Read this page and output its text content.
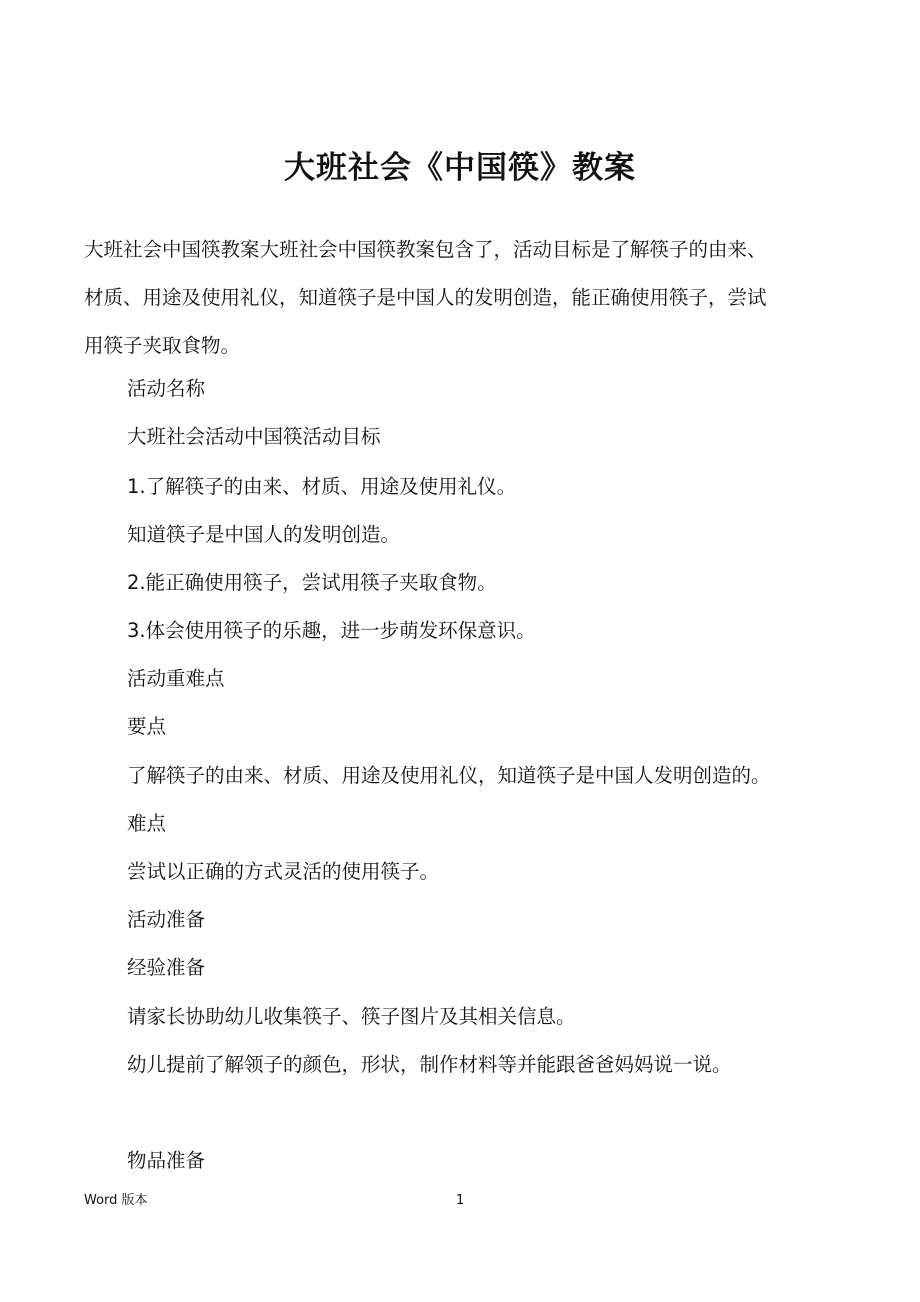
大班社会《中国筷》教案

大班社会中国筷教案大班社会中国筷教案包含了，活动目标是了解筷子的由来、
材质、用途及使用礼仪，知道筷子是中国人的发明创造，能正确使用筷子，尝试
用筷子夹取食物。

活动名称

大班社会活动中国筷活动目标

1.了解筷子的由来、材质、用途及使用礼仪。

知道筷子是中国人的发明创造。

2.能正确使用筷子，尝试用筷子夹取食物。

3.体会使用筷子的乐趣，进一步萌发环保意识。

活动重难点

要点

了解筷子的由来、材质、用途及使用礼仪，知道筷子是中国人发明创造的。

难点

尝试以正确的方式灵活的使用筷子。

活动准备

经验准备

请家长协助幼儿收集筷子、筷子图片及其相关信息。

幼儿提前了解领子的颜色，形状，制作材料等并能跟爸爸妈妈说一说。

物品准备

Word 版本	1
